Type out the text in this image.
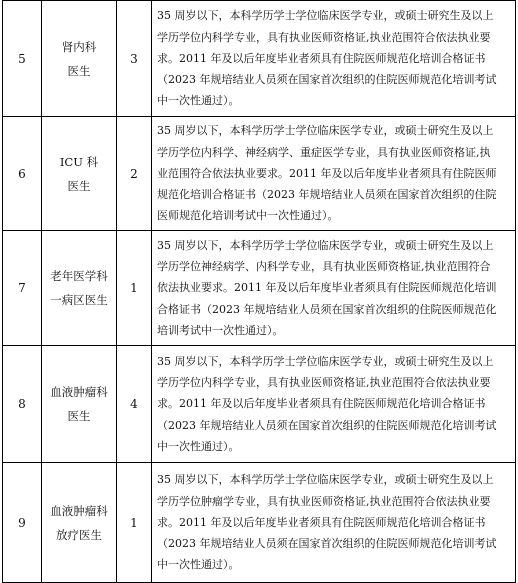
5	肾内科
医生	3	35 周岁以下，本科学历学士学位临床医学专业，或硕士研究生及以上
学历学位内科学专业，具有执业医师资格证,执业范围符合依法执业要
求。2011 年及以后年度毕业者须具有住院医师规范化培训合格证书
（2023 年规培结业人员须在国家首次组织的住院医师规范化培训考试
中一次性通过）。

6	ICU 科
医生	2	35 周岁以下，本科学历学士学位临床医学专业，或硕士研究生及以上
学历学位内科学、神经病学、重症医学专业，具有执业医师资格证,执
业范围符合依法执业要求。2011 年及以后年度毕业者须具有住院医师
规范化培训合格证书（2023 年规培结业人员须在国家首次组织的住院
医师规范化培训考试中一次性通过）。

7	老年医学科
一病区医生	1	35 周岁以下，本科学历学士学位临床医学专业，或硕士研究生及以上
学历学位神经病学、内科学专业，具有执业医师资格证,执业范围符合
依法执业要求。2011 年及以后年度毕业者须具有住院医师规范化培训
合格证书（2023 年规培结业人员须在国家首次组织的住院医师规范化
培训考试中一次性通过）。

8	血液肿瘤科
医生	4	35 周岁以下，本科学历学士学位临床医学专业，或硕士研究生及以上
学历学位内科学专业，具有执业医师资格证,执业范围符合依法执业要
求。2011 年及以后年度毕业者须具有住院医师规范化培训合格证书
（2023 年规培结业人员须在国家首次组织的住院医师规范化培训考试
中一次性通过）。

9	血液肿瘤科
放疗医生	1	35 周岁以下，本科学历学士学位临床医学专业，或硕士研究生及以上
学历学位肿瘤学专业，具有执业医师资格证,执业范围符合依法执业要
求。2011 年及以后年度毕业者须具有住院医师规范化培训合格证书
（2023 年规培结业人员须在国家首次组织的住院医师规范化培训考试
中一次性通过）。
